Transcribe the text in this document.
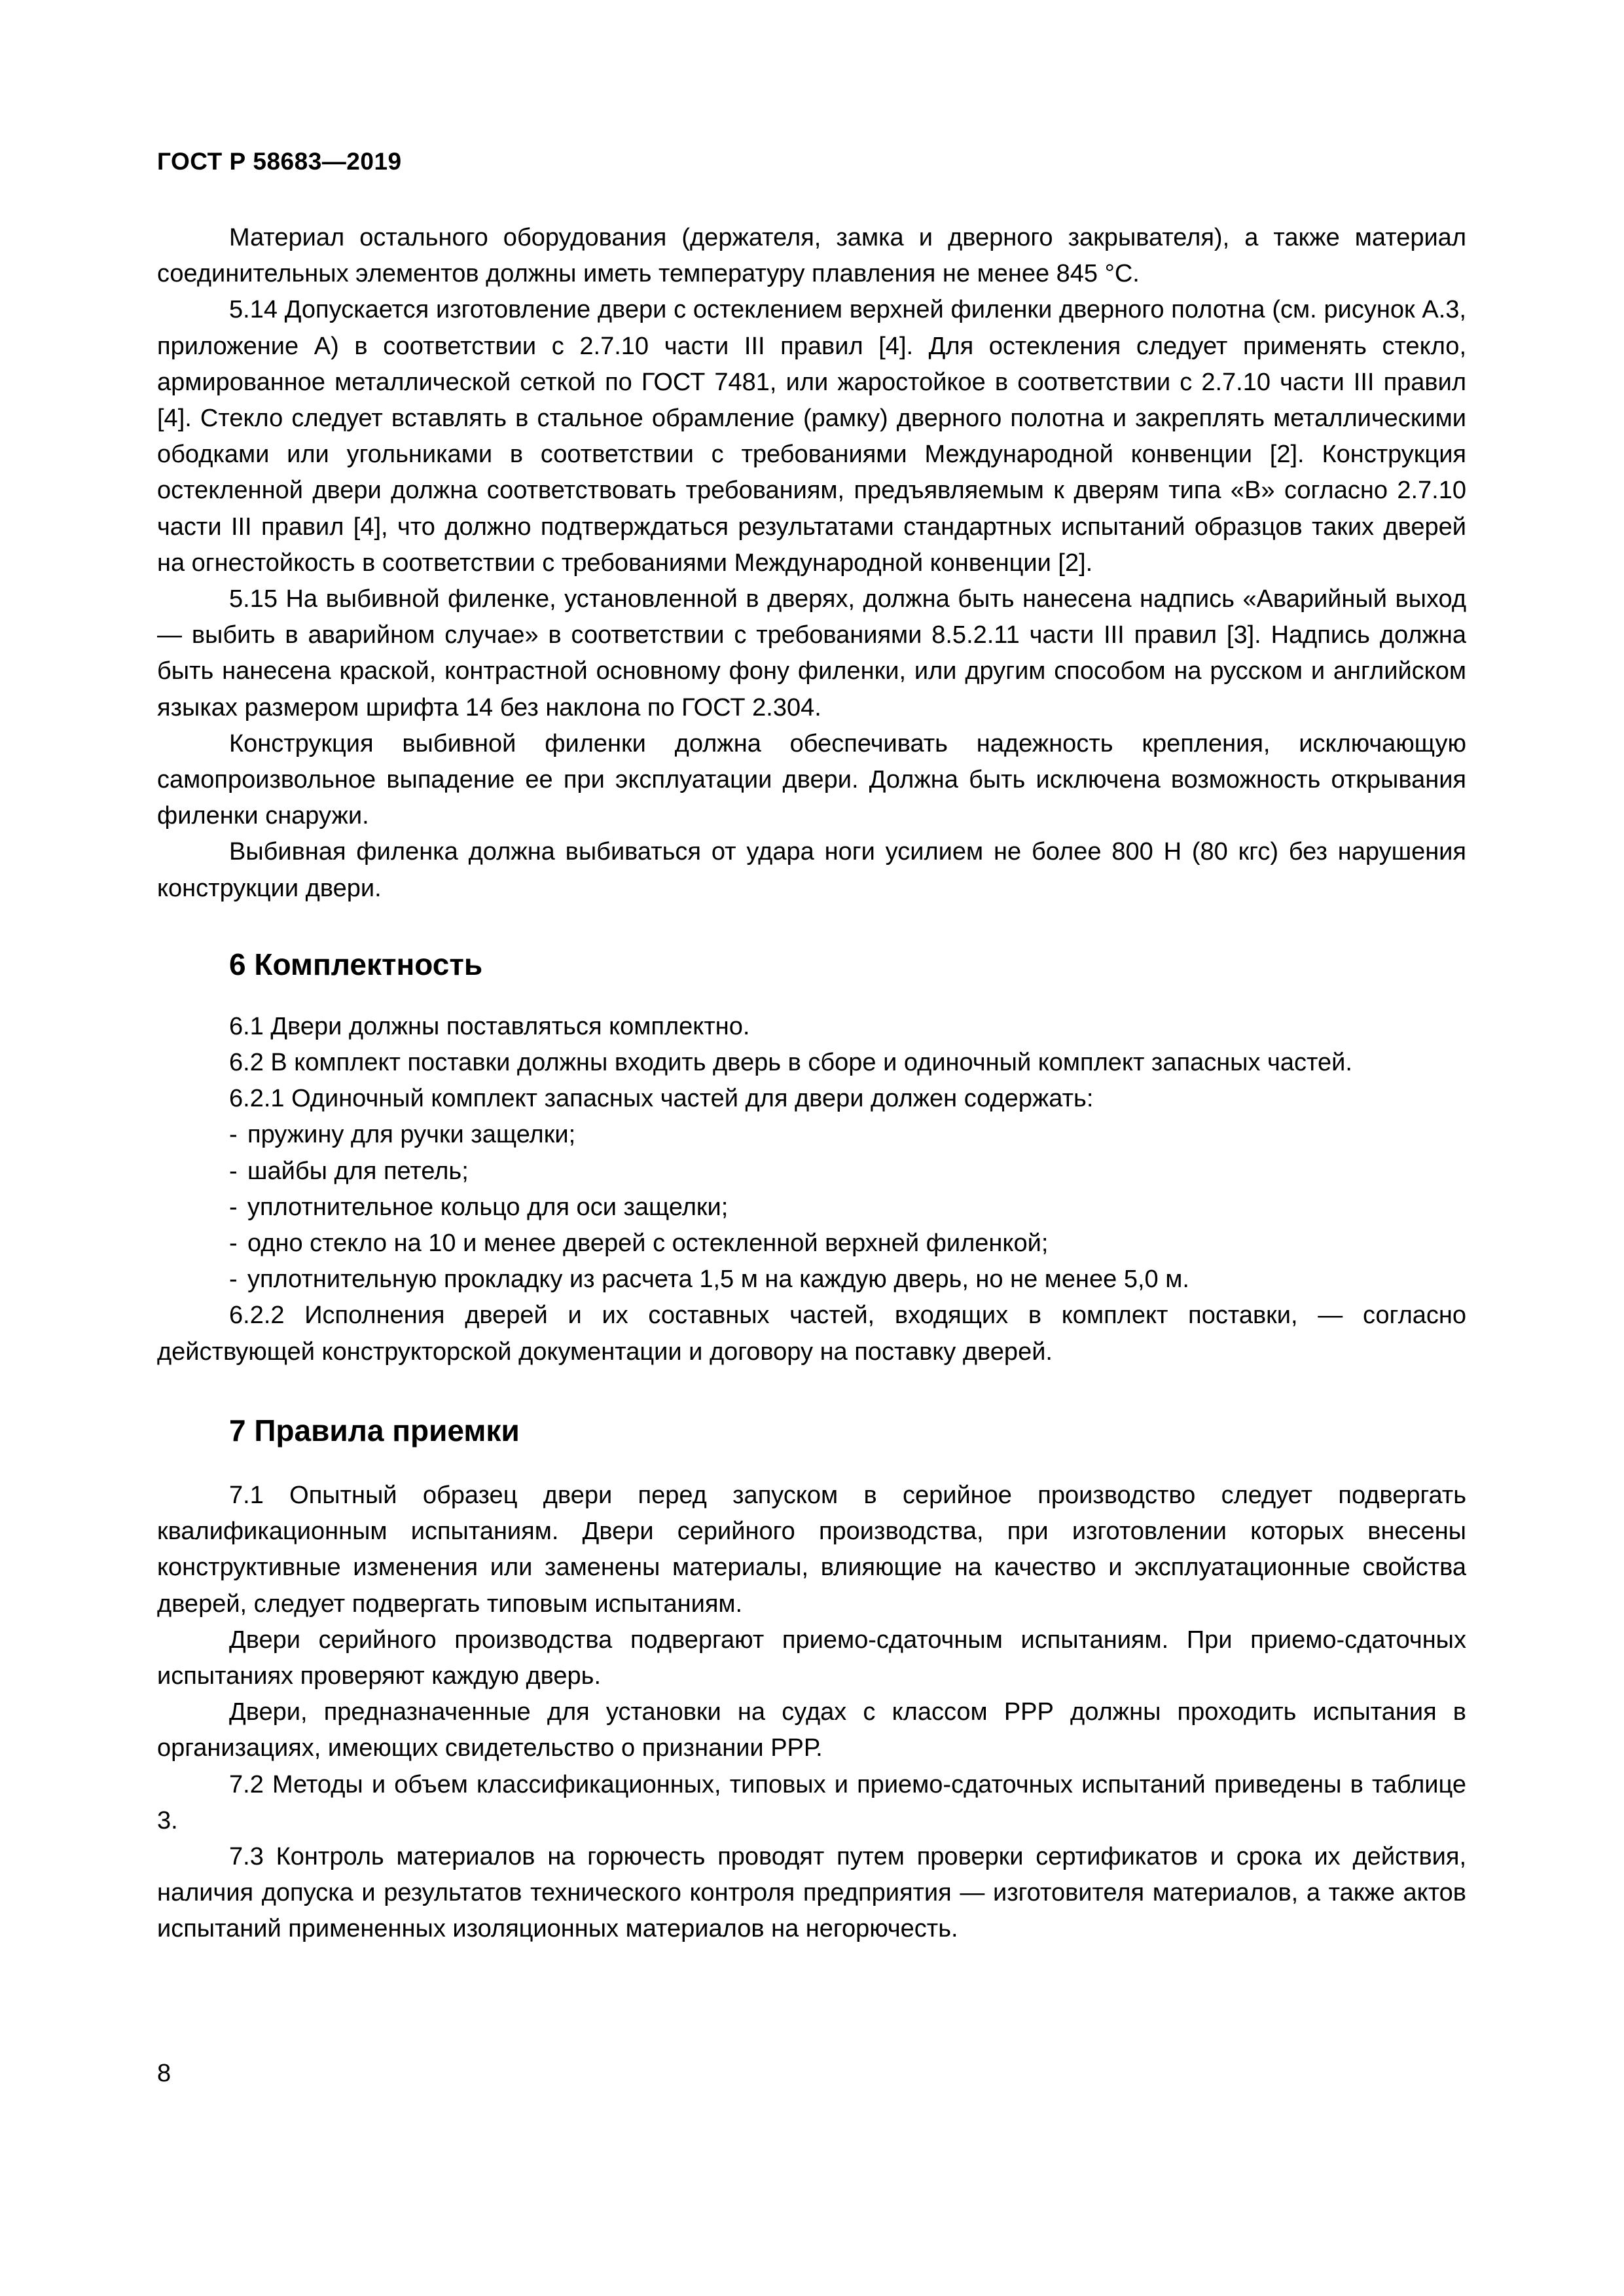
ГОСТ Р 58683—2019

Материал остального оборудования (держателя, замка и дверного закрывателя), а также материал соединительных элементов должны иметь температуру плавления не менее 845 °С.

5.14 Допускается изготовление двери с остеклением верхней филенки дверного полотна (см. рисунок А.3, приложение А) в соответствии с 2.7.10 части III правил [4]. Для остекления следует применять стекло, армированное металлической сеткой по ГОСТ 7481, или жаростойкое в соответствии с 2.7.10 части III правил [4]. Стекло следует вставлять в стальное обрамление (рамку) дверного полотна и закреплять металлическими ободками или угольниками в соответствии с требованиями Международной конвенции [2]. Конструкция остекленной двери должна соответствовать требованиям, предъявляемым к дверям типа «В» согласно 2.7.10 части III правил [4], что должно подтверждаться результатами стандартных испытаний образцов таких дверей на огнестойкость в соответствии с требованиями Международной конвенции [2].

5.15 На выбивной филенке, установленной в дверях, должна быть нанесена надпись «Аварийный выход — выбить в аварийном случае» в соответствии с требованиями 8.5.2.11 части III правил [3]. Надпись должна быть нанесена краской, контрастной основному фону филенки, или другим способом на русском и английском языках размером шрифта 14 без наклона по ГОСТ 2.304.

Конструкция выбивной филенки должна обеспечивать надежность крепления, исключающую самопроизвольное выпадение ее при эксплуатации двери. Должна быть исключена возможность открывания филенки снаружи.

Выбивная филенка должна выбиваться от удара ноги усилием не более 800 Н (80 кгс) без нарушения конструкции двери.

6 Комплектность

6.1 Двери должны поставляться комплектно.

6.2 В комплект поставки должны входить дверь в сборе и одиночный комплект запасных частей.

6.2.1 Одиночный комплект запасных частей для двери должен содержать:

- пружину для ручки защелки;
- шайбы для петель;
- уплотнительное кольцо для оси защелки;
- одно стекло на 10 и менее дверей с остекленной верхней филенкой;
- уплотнительную прокладку из расчета 1,5 м на каждую дверь, но не менее 5,0 м.

6.2.2 Исполнения дверей и их составных частей, входящих в комплект поставки, — согласно действующей конструкторской документации и договору на поставку дверей.

7 Правила приемки

7.1 Опытный образец двери перед запуском в серийное производство следует подвергать квалификационным испытаниям. Двери серийного производства, при изготовлении которых внесены конструктивные изменения или заменены материалы, влияющие на качество и эксплуатационные свойства дверей, следует подвергать типовым испытаниям.

Двери серийного производства подвергают приемо-сдаточным испытаниям. При приемо-сдаточных испытаниях проверяют каждую дверь.

Двери, предназначенные для установки на судах с классом РРР должны проходить испытания в организациях, имеющих свидетельство о признании РРР.

7.2 Методы и объем классификационных, типовых и приемо-сдаточных испытаний приведены в таблице 3.

7.3 Контроль материалов на горючесть проводят путем проверки сертификатов и срока их действия, наличия допуска и результатов технического контроля предприятия — изготовителя материалов, а также актов испытаний примененных изоляционных материалов на негорючесть.

8
